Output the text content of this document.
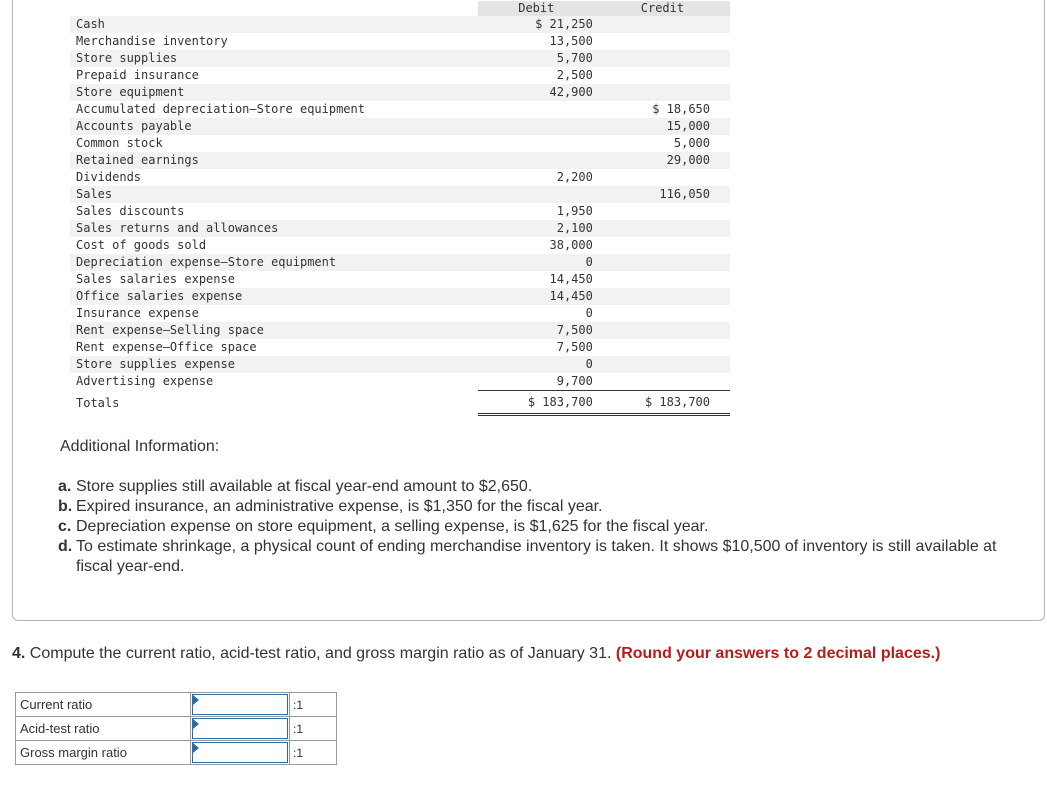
	Debit	Credit
Cash	$ 21,250	
Merchandise inventory	13,500	
Store supplies	5,700	
Prepaid insurance	2,500	
Store equipment	42,900	
Accumulated depreciation—Store equipment		$ 18,650
Accounts payable		15,000
Common stock		5,000
Retained earnings		29,000
Dividends	2,200	
Sales		116,050
Sales discounts	1,950	
Sales returns and allowances	2,100	
Cost of goods sold	38,000	
Depreciation expense—Store equipment	0	
Sales salaries expense	14,450	
Office salaries expense	14,450	
Insurance expense	0	
Rent expense—Selling space	7,500	
Rent expense—Office space	7,500	
Store supplies expense	0	
Advertising expense	9,700	
Totals	$ 183,700	$ 183,700
Additional Information:
a. Store supplies still available at fiscal year-end amount to $2,650.
b. Expired insurance, an administrative expense, is $1,350 for the fiscal year.
c. Depreciation expense on store equipment, a selling expense, is $1,625 for the fiscal year.
d. To estimate shrinkage, a physical count of ending merchandise inventory is taken. It shows $10,500 of inventory is still available at fiscal year-end.
4. Compute the current ratio, acid-test ratio, and gross margin ratio as of January 31. (Round your answers to 2 decimal places.)
Current ratio		:1
Acid-test ratio		:1
Gross margin ratio		:1
